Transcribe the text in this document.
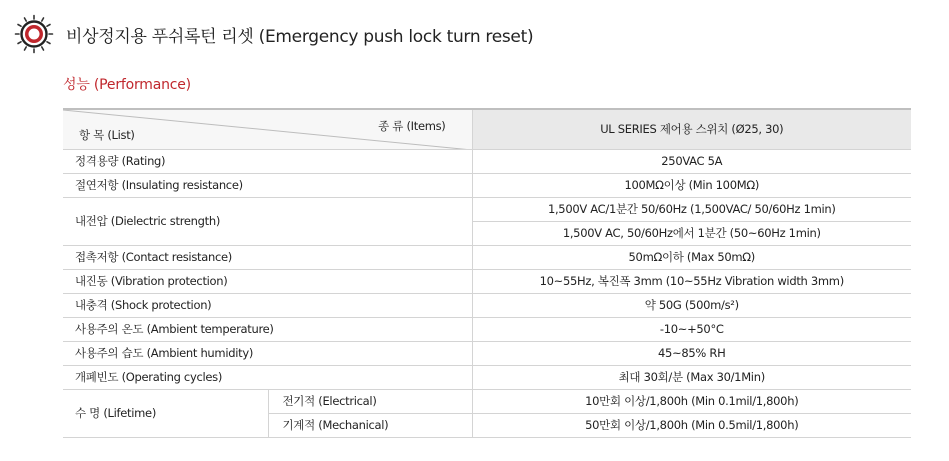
비상정지용 푸쉬록턴 리셋 (Emergency push lock turn reset)
성능 (Performance)
종 류 (Items)
항 목 (List)		UL SERIES 제어용 스위치 (Ø25, 30)
정격용량 (Rating)		250VAC 5A
절연저항 (Insulating resistance)		100MΩ이상 (Min 100MΩ)
내전압 (Dielectric strength)		1,500V AC/1분간 50/60Hz (1,500VAC/ 50/60Hz 1min)
		1,500V AC, 50/60Hz에서 1분간 (50~60Hz 1min)
접촉저항 (Contact resistance)		50mΩ이하 (Max 50mΩ)
내진동 (Vibration protection)		10~55Hz, 복진폭 3mm (10~55Hz Vibration width 3mm)
내충격 (Shock protection)		약 50G (500m/s²)
사용주의 온도 (Ambient temperature)		-10~+50°C
사용주의 습도 (Ambient humidity)		45~85% RH
개폐빈도 (Operating cycles)		최대 30회/분 (Max 30/1Min)
수 명 (Lifetime)	전기적 (Electrical)	10만회 이상/1,800h (Min 0.1mil/1,800h)
	기계적 (Mechanical)	50만회 이상/1,800h (Min 0.5mil/1,800h)
